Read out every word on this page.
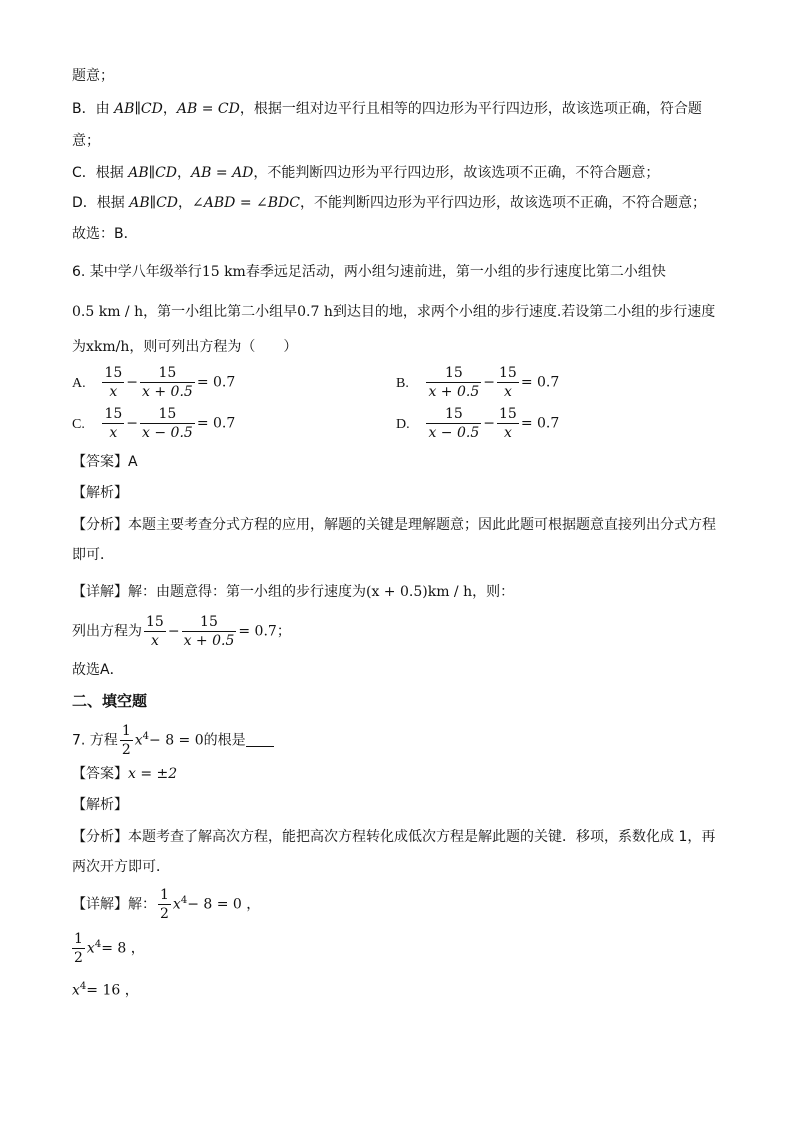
题意；
B．由 AB∥CD，AB = CD，根据一组对边平行且相等的四边形为平行四边形，故该选项正确，符合题
意；
C．根据 AB∥CD，AB = AD，不能判断四边形为平行四边形，故该选项不正确，不符合题意；
D．根据 AB∥CD，∠ABD = ∠BDC，不能判断四边形为平行四边形，故该选项不正确，不符合题意；
故选：B．
6. 某中学八年级举行15 km春季远足活动，两小组匀速前进，第一小组的步行速度比第二小组快
0.5 km / h，第一小组比第二小组早0.7 h到达目的地，求两个小组的步行速度.若设第二小组的步行速度
为xkm/h，则可列出方程为（　　）
A. $\frac{15}{x} - \frac{15}{x + 0.5} = 0.7$	B. $\frac{15}{x + 0.5} - \frac{15}{x} = 0.7$
C. $\frac{15}{x} - \frac{15}{x - 0.5} = 0.7$	D. $\frac{15}{x - 0.5} - \frac{15}{x} = 0.7$
【答案】A
【解析】
【分析】本题主要考查分式方程的应用，解题的关键是理解题意；因此此题可根据题意直接列出分式方程
即可．
【详解】解：由题意得：第一小组的步行速度为(x + 0.5)km / h，则：
列出方程为 $\frac{15}{x} - \frac{15}{x + 0.5} = 0.7$；
故选A．
二、填空题
7. 方程 $\frac{1}{2} x^4- 8 = 0$的根是
【答案】x = ±2
【解析】
【分析】本题考查了解高次方程，能把高次方程转化成低次方程是解此题的关键．移项，系数化成 1，再
两次开方即可．
【详解】解： $\frac{1}{2} x^4- 8 = 0$ ，
$\frac{1}{2} x^4= 8$ ，
$x^4= 16$ ，
